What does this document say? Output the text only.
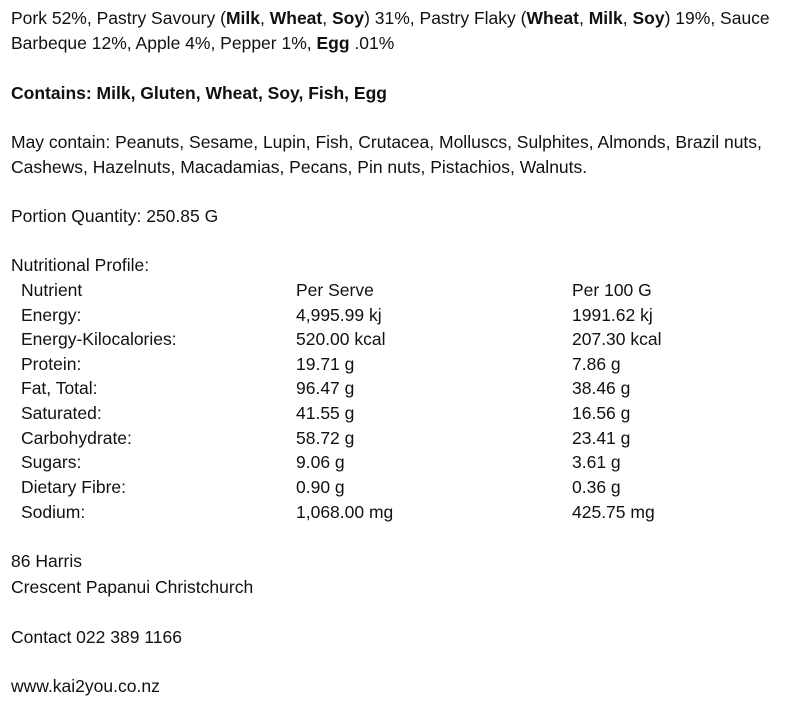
Pork 52%, Pastry Savoury (Milk, Wheat, Soy) 31%, Pastry Flaky (Wheat, Milk, Soy) 19%, Sauce
Barbeque 12%, Apple 4%, Pepper 1%, Egg .01%
Contains: Milk, Gluten, Wheat, Soy, Fish, Egg
May contain: Peanuts, Sesame, Lupin, Fish, Crutacea, Molluscs, Sulphites, Almonds, Brazil nuts,
Cashews, Hazelnuts, Macadamias, Pecans, Pin nuts, Pistachios, Walnuts.
Portion Quantity: 250.85 G
Nutritional Profile:
Nutrient	Per Serve	Per 100 G
Energy:	4,995.99 kj	1991.62 kj
Energy-Kilocalories:	520.00 kcal	207.30 kcal
Protein:	19.71 g	7.86 g
Fat, Total:	96.47 g	38.46 g
Saturated:	41.55 g	16.56 g
Carbohydrate:	58.72 g	23.41 g
Sugars:	9.06 g	3.61 g
Dietary Fibre:	0.90 g	0.36 g
Sodium:	1,068.00 mg	425.75 mg
86 Harris
Crescent Papanui Christchurch
Contact 022 389 1166
www.kai2you.co.nz
